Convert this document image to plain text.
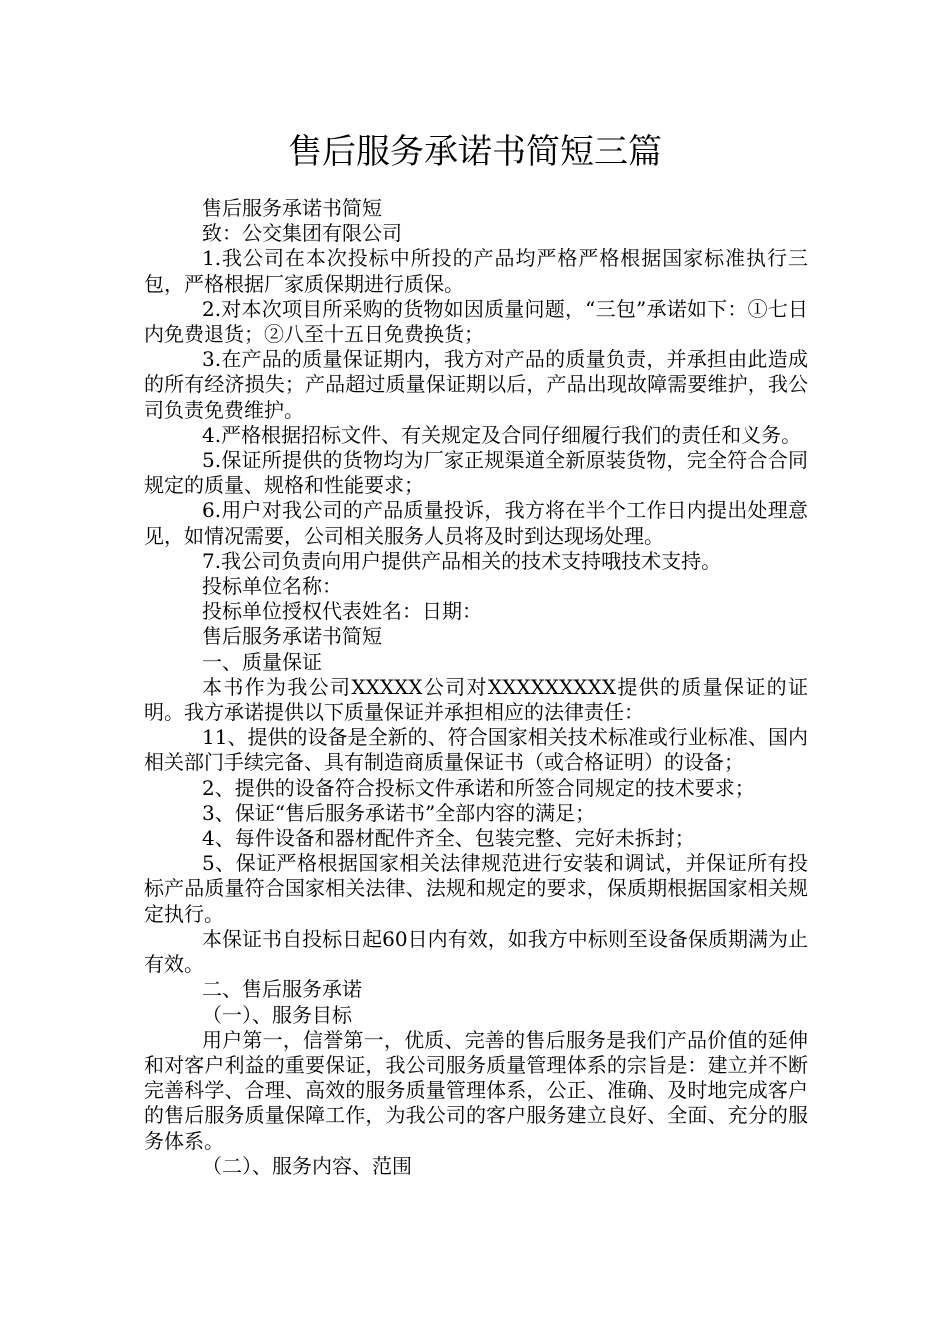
售后服务承诺书简短三篇

售后服务承诺书简短

致：公交集团有限公司

1.我公司在本次投标中所投的产品均严格严格根据国家标准执行三包，严格根据厂家质保期进行质保。

2.对本次项目所采购的货物如因质量问题，“三包”承诺如下：①七日内免费退货；②八至十五日免费换货；

3.在产品的质量保证期内，我方对产品的质量负责，并承担由此造成的所有经济损失；产品超过质量保证期以后，产品出现故障需要维护，我公司负责免费维护。

4.严格根据招标文件、有关规定及合同仔细履行我们的责任和义务。

5.保证所提供的货物均为厂家正规渠道全新原装货物，完全符合合同规定的质量、规格和性能要求；

6.用户对我公司的产品质量投诉，我方将在半个工作日内提出处理意见，如情况需要，公司相关服务人员将及时到达现场处理。

7.我公司负责向用户提供产品相关的技术支持哦技术支持。

投标单位名称：

投标单位授权代表姓名：日期：

售后服务承诺书简短

一、质量保证

本书作为我公司XXXXX公司对XXXXXXXXX提供的质量保证的证明。我方承诺提供以下质量保证并承担相应的法律责任：

11、提供的设备是全新的、符合国家相关技术标准或行业标准、国内相关部门手续完备、具有制造商质量保证书（或合格证明）的设备；

2、提供的设备符合投标文件承诺和所签合同规定的技术要求；

3、保证“售后服务承诺书”全部内容的满足；

4、每件设备和器材配件齐全、包装完整、完好未拆封；

5、保证严格根据国家相关法律规范进行安装和调试，并保证所有投标产品质量符合国家相关法律、法规和规定的要求，保质期根据国家相关规定执行。

本保证书自投标日起60日内有效，如我方中标则至设备保质期满为止有效。

二、售后服务承诺

（一）、服务目标

用户第一，信誉第一，优质、完善的售后服务是我们产品价值的延伸和对客户利益的重要保证，我公司服务质量管理体系的宗旨是：建立并不断完善科学、合理、高效的服务质量管理体系，公正、准确、及时地完成客户的售后服务质量保障工作，为我公司的客户服务建立良好、全面、充分的服务体系。

（二）、服务内容、范围
